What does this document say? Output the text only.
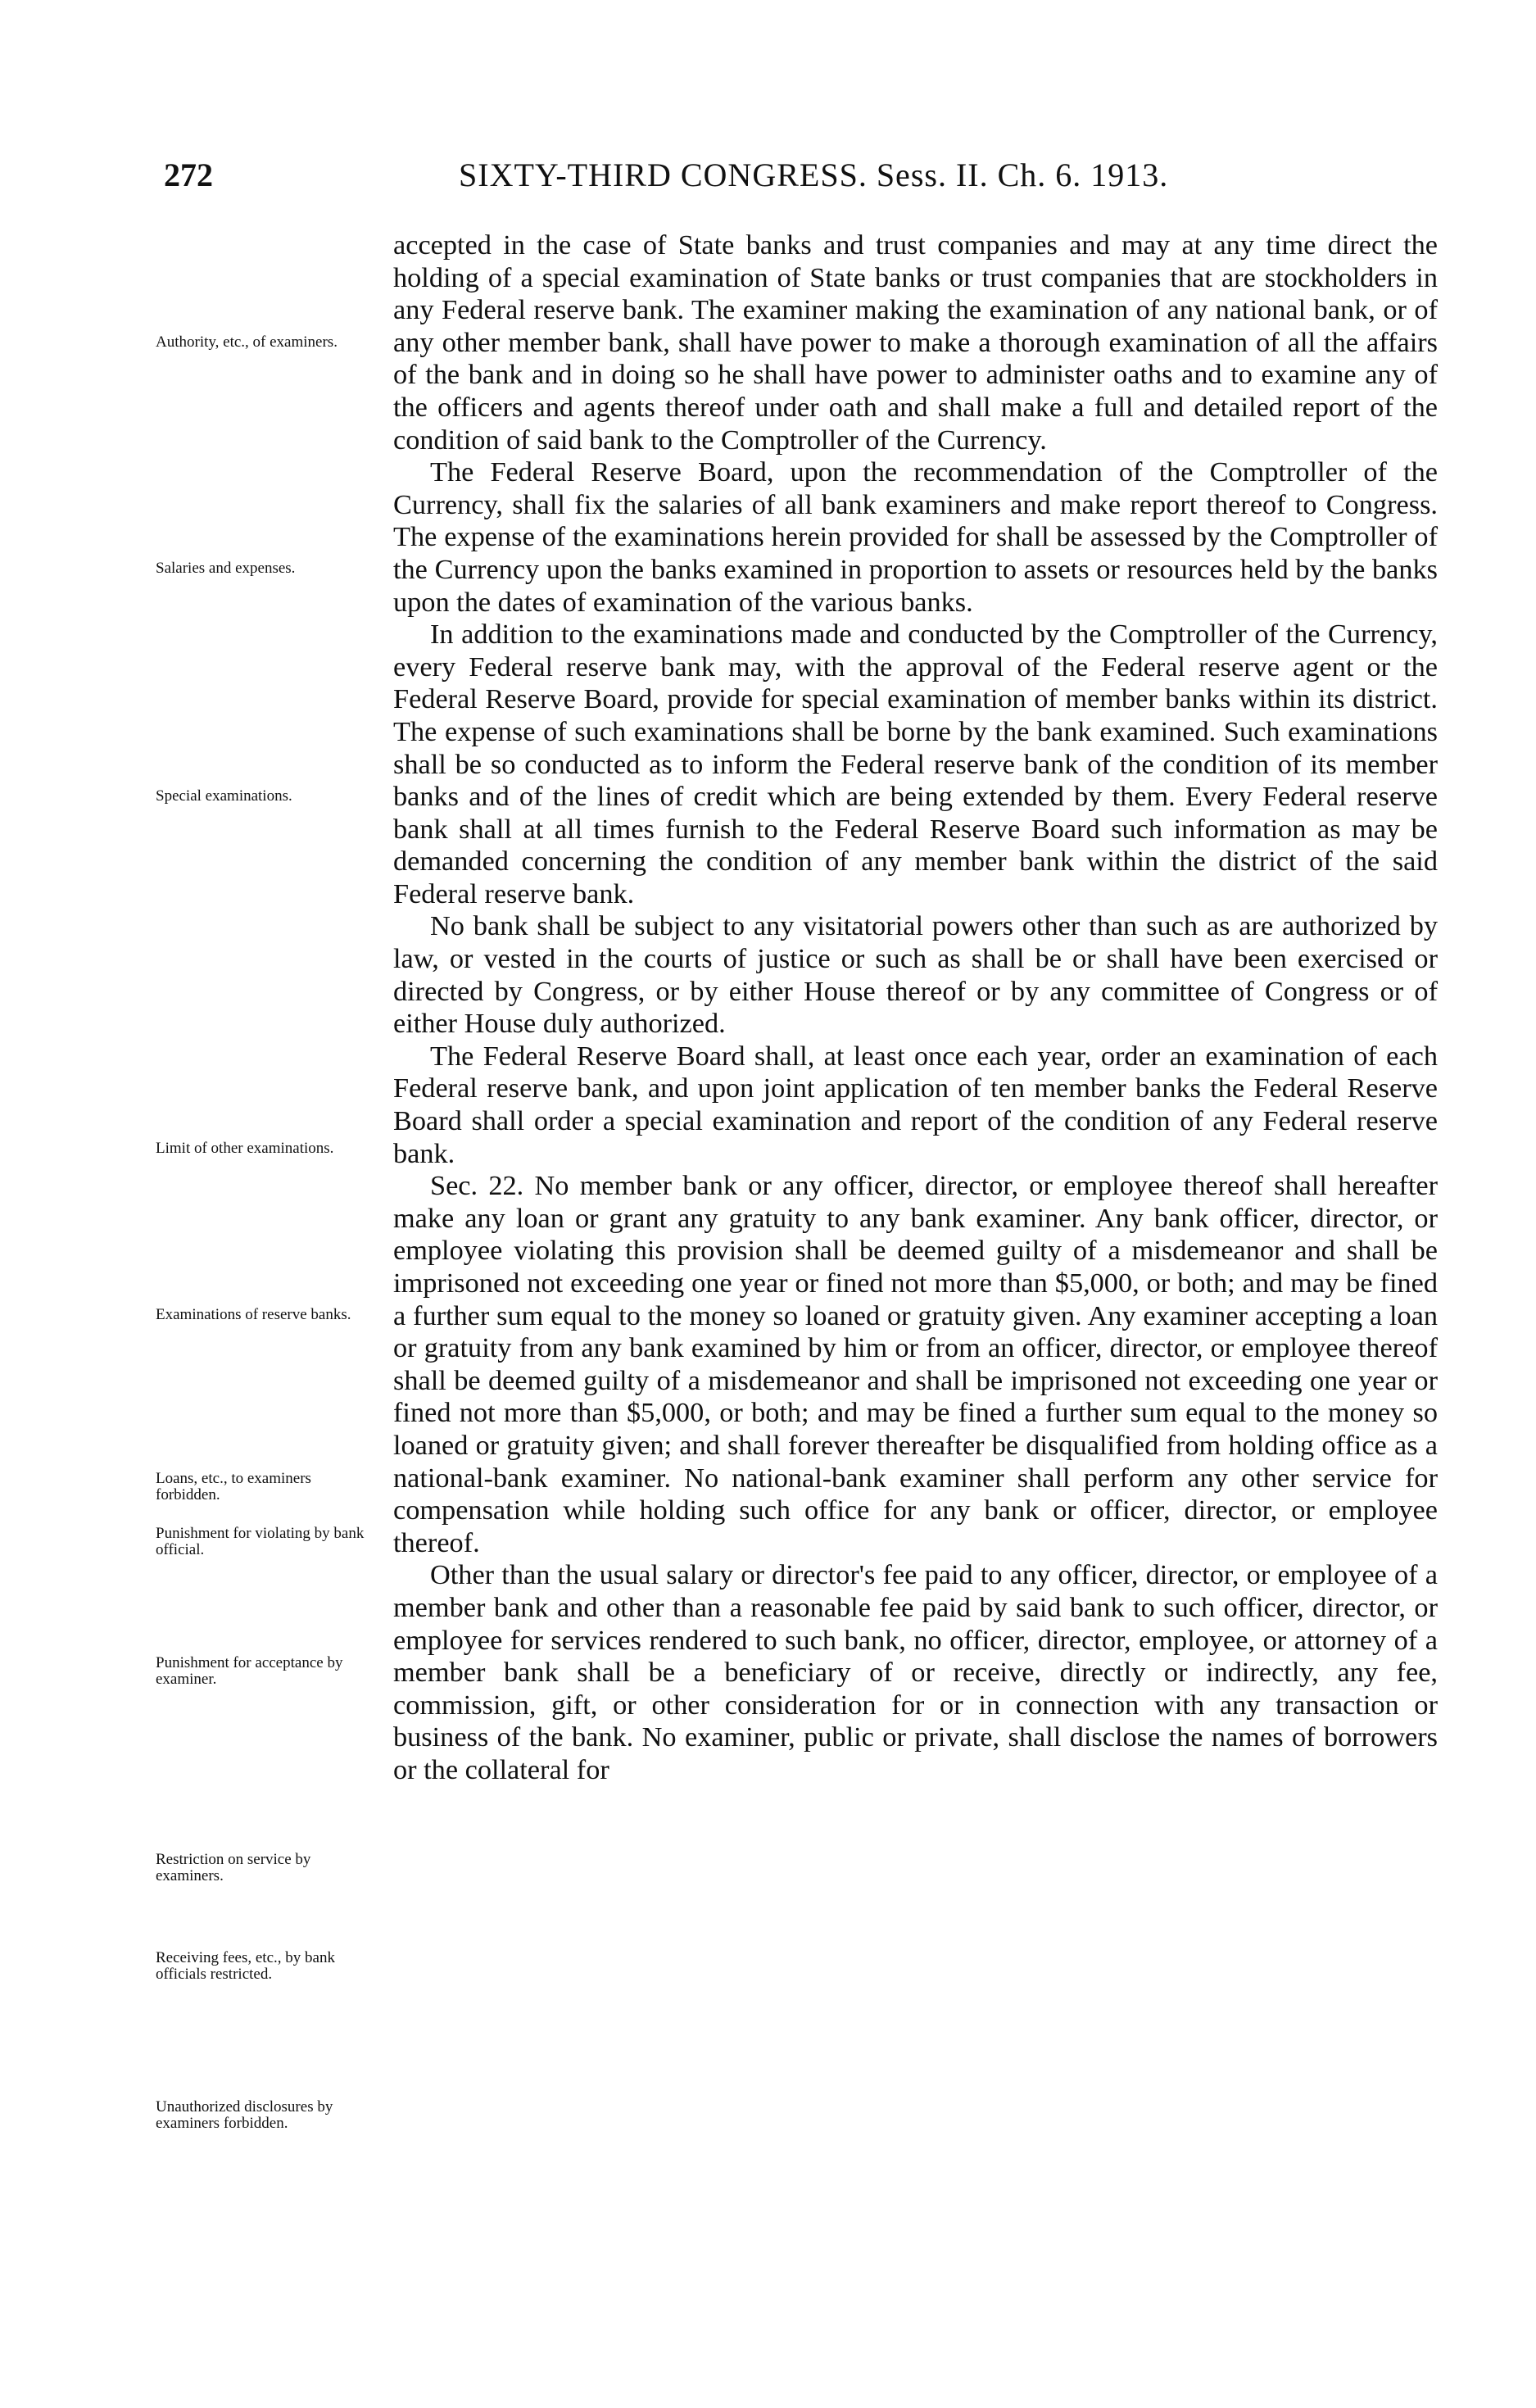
272	SIXTY-THIRD CONGRESS. Sess. II. Ch. 6. 1913.
Authority, etc., of examiners.
Salaries and expenses.
Special examinations.
Limit of other examinations.
Examinations of reserve banks.
Loans, etc., to examiners forbidden.
Punishment for violating by bank official.
Punishment for acceptance by examiner.
Restriction on service by examiners.
Receiving fees, etc., by bank officials restricted.
Unauthorized disclosures by examiners forbidden.

accepted in the case of State banks and trust companies and may at any time direct the holding of a special examination of State banks or trust companies that are stockholders in any Federal reserve bank. The examiner making the examination of any national bank, or of any other member bank, shall have power to make a thorough examination of all the affairs of the bank and in doing so he shall have power to administer oaths and to examine any of the officers and agents thereof under oath and shall make a full and detailed report of the condition of said bank to the Comptroller of the Currency.

The Federal Reserve Board, upon the recommendation of the Comptroller of the Currency, shall fix the salaries of all bank examiners and make report thereof to Congress. The expense of the examinations herein provided for shall be assessed by the Comptroller of the Currency upon the banks examined in proportion to assets or resources held by the banks upon the dates of examination of the various banks.

In addition to the examinations made and conducted by the Comptroller of the Currency, every Federal reserve bank may, with the approval of the Federal reserve agent or the Federal Reserve Board, provide for special examination of member banks within its district. The expense of such examinations shall be borne by the bank examined. Such examinations shall be so conducted as to inform the Federal reserve bank of the condition of its member banks and of the lines of credit which are being extended by them. Every Federal reserve bank shall at all times furnish to the Federal Reserve Board such information as may be demanded concerning the condition of any member bank within the district of the said Federal reserve bank.

No bank shall be subject to any visitatorial powers other than such as are authorized by law, or vested in the courts of justice or such as shall be or shall have been exercised or directed by Congress, or by either House thereof or by any committee of Congress or of either House duly authorized.

The Federal Reserve Board shall, at least once each year, order an examination of each Federal reserve bank, and upon joint application of ten member banks the Federal Reserve Board shall order a special examination and report of the condition of any Federal reserve bank.

Sec. 22. No member bank or any officer, director, or employee thereof shall hereafter make any loan or grant any gratuity to any bank examiner. Any bank officer, director, or employee violating this provision shall be deemed guilty of a misdemeanor and shall be imprisoned not exceeding one year or fined not more than $5,000, or both; and may be fined a further sum equal to the money so loaned or gratuity given. Any examiner accepting a loan or gratuity from any bank examined by him or from an officer, director, or employee thereof shall be deemed guilty of a misdemeanor and shall be imprisoned not exceeding one year or fined not more than $5,000, or both; and may be fined a further sum equal to the money so loaned or gratuity given; and shall forever thereafter be disqualified from holding office as a national-bank examiner. No national-bank examiner shall perform any other service for compensation while holding such office for any bank or officer, director, or employee thereof.

Other than the usual salary or director's fee paid to any officer, director, or employee of a member bank and other than a reasonable fee paid by said bank to such officer, director, or employee for services rendered to such bank, no officer, director, employee, or attorney of a member bank shall be a beneficiary of or receive, directly or indirectly, any fee, commission, gift, or other consideration for or in connection with any transaction or business of the bank. No examiner, public or private, shall disclose the names of borrowers or the collateral for
